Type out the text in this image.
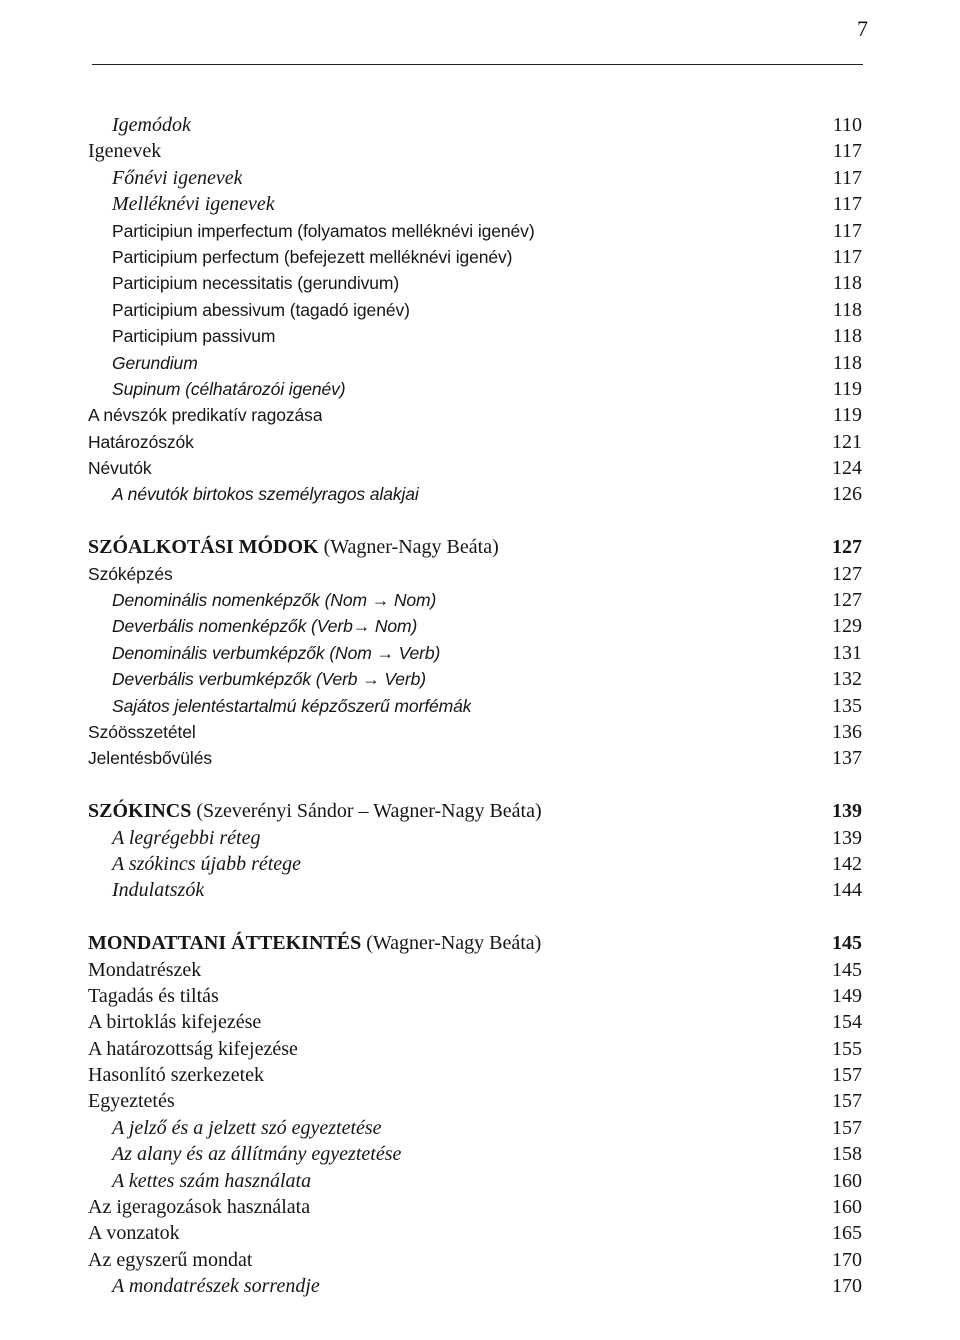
7
Igemódok	110
Igenevek	117
Főnévi igenevek	117
Melléknévi igenevek	117
Participiun imperfectum (folyamatos melléknévi igenév)	117
Participium perfectum (befejezett melléknévi igenév)	117
Participium necessitatis (gerundivum)	118
Participium abessivum (tagadó igenév)	118
Participium passivum	118
Gerundium	118
Supinum (célhatározói igenév)	119
A névszók predikatív ragozása	119
Határozószók	121
Névutók	124
A névutók birtokos személyragos alakjai	126
SZÓALKOTÁSI MÓDOK (Wagner-Nagy Beáta)	127
Szóképzés	127
Denominális nomenképzők (Nom → Nom)	127
Deverbális nomenképzők (Verb→ Nom)	129
Denominális verbumképzők (Nom → Verb)	131
Deverbális verbumképzők (Verb → Verb)	132
Sajátos jelentéstartalmú képzőszerű morfémák	135
Szóösszetétel	136
Jelentésbővülés	137
SZÓKINCS (Szeverényi Sándor – Wagner-Nagy Beáta)	139
A legrégebbi réteg	139
A szókincs újabb rétege	142
Indulatszók	144
MONDATTANI ÁTTEKINTÉS (Wagner-Nagy Beáta)	145
Mondatrészek	145
Tagadás és tiltás	149
A birtoklás kifejezése	154
A határozottság kifejezése	155
Hasonlító szerkezetek	157
Egyeztetés	157
A jelző és a jelzett szó egyeztetése	157
Az alany és az állítmány egyeztetése	158
A kettes szám használata	160
Az igeragozások használata	160
A vonzatok	165
Az egyszerű mondat	170
A mondatrészek sorrendje	170
